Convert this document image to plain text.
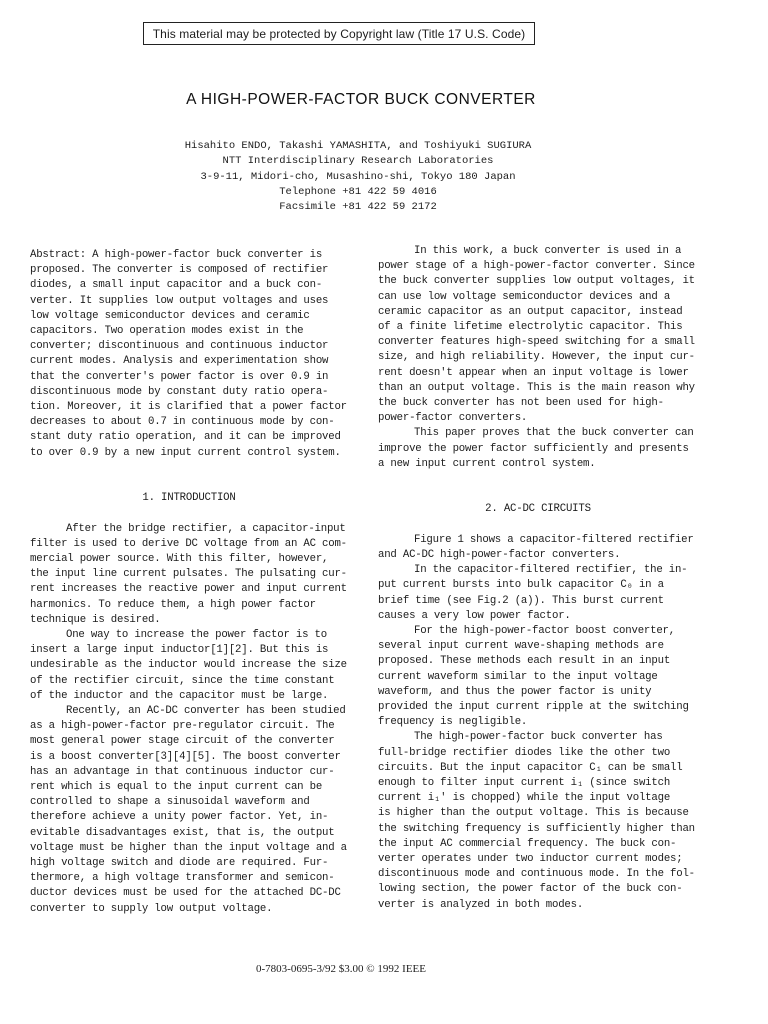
This material may be protected by Copyright law (Title 17 U.S. Code)
A HIGH-POWER-FACTOR BUCK CONVERTER
Hisahito ENDO, Takashi YAMASHITA, and Toshiyuki SUGIURA
NTT Interdisciplinary Research Laboratories
3-9-11, Midori-cho, Musashino-shi, Tokyo 180 Japan
Telephone +81 422 59 4016
Facsimile +81 422 59 2172
Abstract: A high-power-factor buck converter is
proposed. The converter is composed of rectifier
diodes, a small input capacitor and a buck con-
verter. It supplies low output voltages and uses
low voltage semiconductor devices and ceramic
capacitors. Two operation modes exist in the
converter; discontinuous and continuous inductor
current modes. Analysis and experimentation show
that the converter's power factor is over 0.9 in
discontinuous mode by constant duty ratio opera-
tion. Moreover, it is clarified that a power factor
decreases to about 0.7 in continuous mode by con-
stant duty ratio operation, and it can be improved
to over 0.9 by a new input current control system.
1. INTRODUCTION
After the bridge rectifier, a capacitor-input
filter is used to derive DC voltage from an AC com-
mercial power source. With this filter, however,
the input line current pulsates. The pulsating cur-
rent increases the reactive power and input current
harmonics. To reduce them, a high power factor
technique is desired.
One way to increase the power factor is to
insert a large input inductor[1][2]. But this is
undesirable as the inductor would increase the size
of the rectifier circuit, since the time constant
of the inductor and the capacitor must be large.
Recently, an AC-DC converter has been studied
as a high-power-factor pre-regulator circuit. The
most general power stage circuit of the converter
is a boost converter[3][4][5]. The boost converter
has an advantage in that continuous inductor cur-
rent which is equal to the input current can be
controlled to shape a sinusoidal waveform and
therefore achieve a unity power factor. Yet, in-
evitable disadvantages exist, that is, the output
voltage must be higher than the input voltage and a
high voltage switch and diode are required. Fur-
thermore, a high voltage transformer and semicon-
ductor devices must be used for the attached DC-DC
converter to supply low output voltage.
In this work, a buck converter is used in a
power stage of a high-power-factor converter. Since
the buck converter supplies low output voltages, it
can use low voltage semiconductor devices and a
ceramic capacitor as an output capacitor, instead
of a finite lifetime electrolytic capacitor. This
converter features high-speed switching for a small
size, and high reliability. However, the input cur-
rent doesn't appear when an input voltage is lower
than an output voltage. This is the main reason why
the buck converter has not been used for high-
power-factor converters.
This paper proves that the buck converter can
improve the power factor sufficiently and presents
a new input current control system.
2. AC-DC CIRCUITS
Figure 1 shows a capacitor-filtered rectifier
and AC-DC high-power-factor converters.
In the capacitor-filtered rectifier, the in-
put current bursts into bulk capacitor C₀ in a
brief time (see Fig.2 (a)). This burst current
causes a very low power factor.
For the high-power-factor boost converter,
several input current wave-shaping methods are
proposed. These methods each result in an input
current waveform similar to the input voltage
waveform, and thus the power factor is unity
provided the input current ripple at the switching
frequency is negligible.
The high-power-factor buck converter has
full-bridge rectifier diodes like the other two
circuits. But the input capacitor C₁ can be small
enough to filter input current i₁ (since switch
current i₁' is chopped) while the input voltage
is higher than the output voltage. This is because
the switching frequency is sufficiently higher than
the input AC commercial frequency. The buck con-
verter operates under two inductor current modes;
discontinuous mode and continuous mode. In the fol-
lowing section, the power factor of the buck con-
verter is analyzed in both modes.
0-7803-0695-3/92 $3.00 © 1992 IEEE
